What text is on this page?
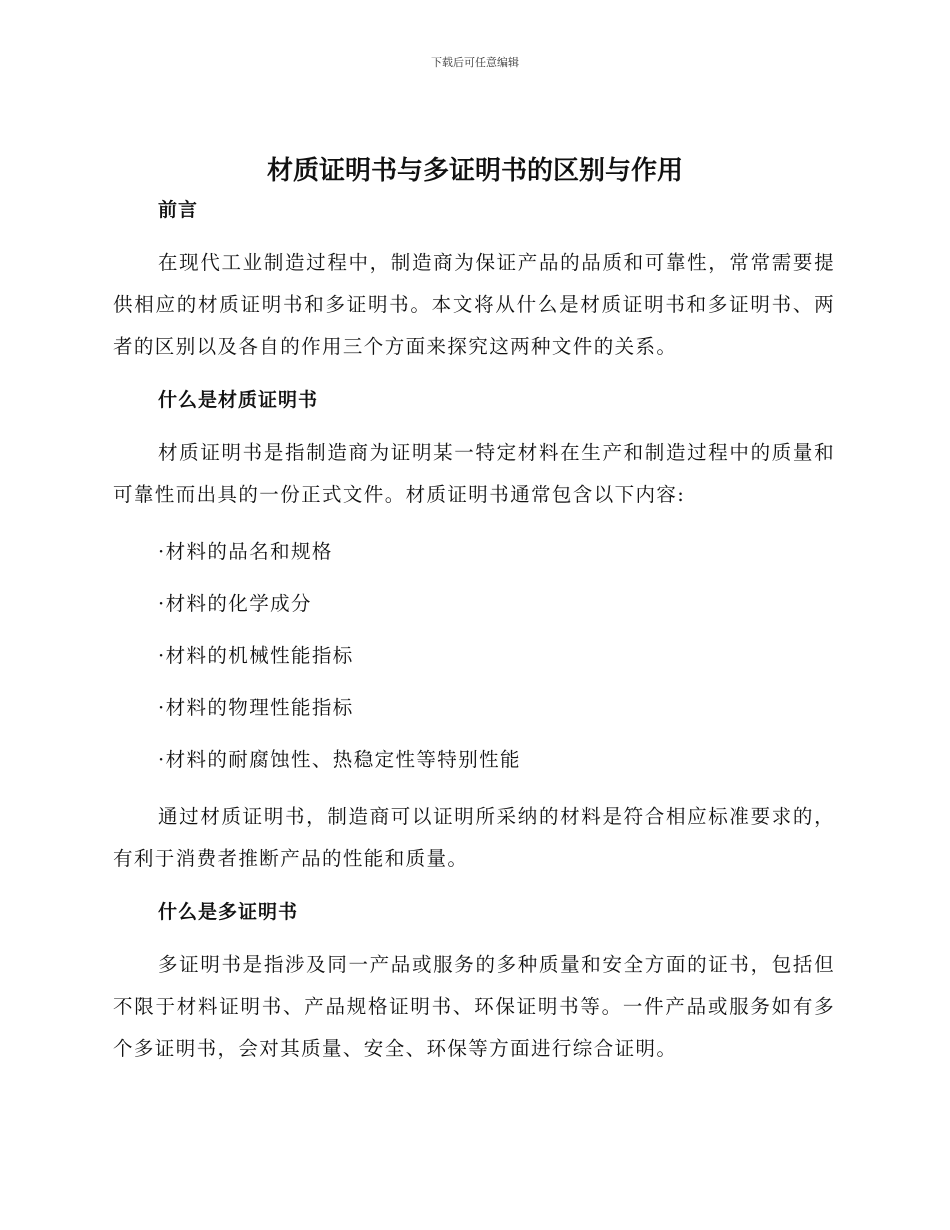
下载后可任意编辑
材质证明书与多证明书的区别与作用
前言

在现代工业制造过程中，制造商为保证产品的品质和可靠性，常常需要提供相应的材质证明书和多证明书。本文将从什么是材质证明书和多证明书、两者的区别以及各自的作用三个方面来探究这两种文件的关系。

什么是材质证明书

材质证明书是指制造商为证明某一特定材料在生产和制造过程中的质量和可靠性而出具的一份正式文件。材质证明书通常包含以下内容:

·材料的品名和规格
·材料的化学成分
·材料的机械性能指标
·材料的物理性能指标
·材料的耐腐蚀性、热稳定性等特别性能

通过材质证明书，制造商可以证明所采纳的材料是符合相应标准要求的，有利于消费者推断产品的性能和质量。

什么是多证明书

多证明书是指涉及同一产品或服务的多种质量和安全方面的证书，包括但不限于材料证明书、产品规格证明书、环保证明书等。一件产品或服务如有多个多证明书，会对其质量、安全、环保等方面进行综合证明。
